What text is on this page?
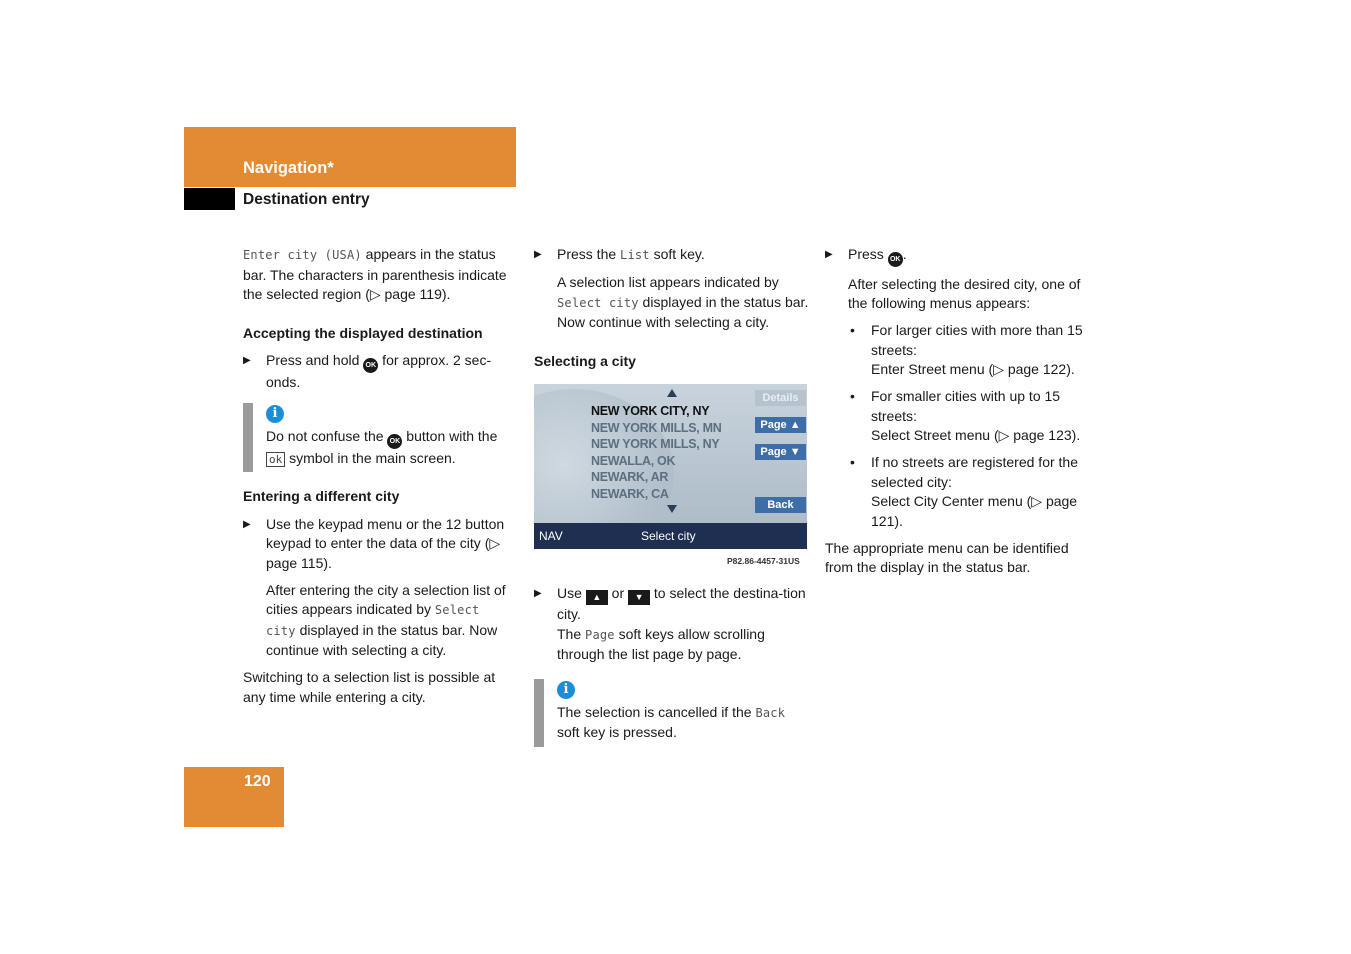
Navigation*
Destination entry

Enter city (USA) appears in the status bar. The characters in parenthesis indicate the selected region (▷ page 119).

Accepting the displayed destination

▶ Press and hold OK for approx. 2 sec-onds.
i
Do not confuse the OK button with the ok symbol in the main screen.

Entering a different city

▶ Use the keypad menu or the 12 button keypad to enter the data of the city (▷ page 115).

After entering the city a selection list of cities appears indicated by Select city displayed in the status bar. Now continue with selecting a city.

Switching to a selection list is possible at any time while entering a city.

▶ Press the List soft key.

A selection list appears indicated by Select city displayed in the status bar. Now continue with selecting a city.

Selecting a city

▶ Use ▲ or ▼ to select the destina-tion city.
The Page soft keys allow scrolling through the list page by page.
i
The selection is cancelled if the Back soft key is pressed.
NEW YORK CITY, NY
NEW YORK MILLS, MN
NEW YORK MILLS, NY
NEWALLA, OK
NEWARK, AR
NEWARK, CA
Details
Page ▲
Page ▼
Back
NAV	Select city
P82.86-4457-31US
▶ Press OK .

After selecting the desired city, one of the following menus appears:

• For larger cities with more than 15 streets:
Enter Street menu (▷ page 122).
• For smaller cities with up to 15 streets:
Select Street menu (▷ page 123).
• If no streets are registered for the selected city:
Select City Center menu (▷ page 121).

The appropriate menu can be identified from the display in the status bar.

120
